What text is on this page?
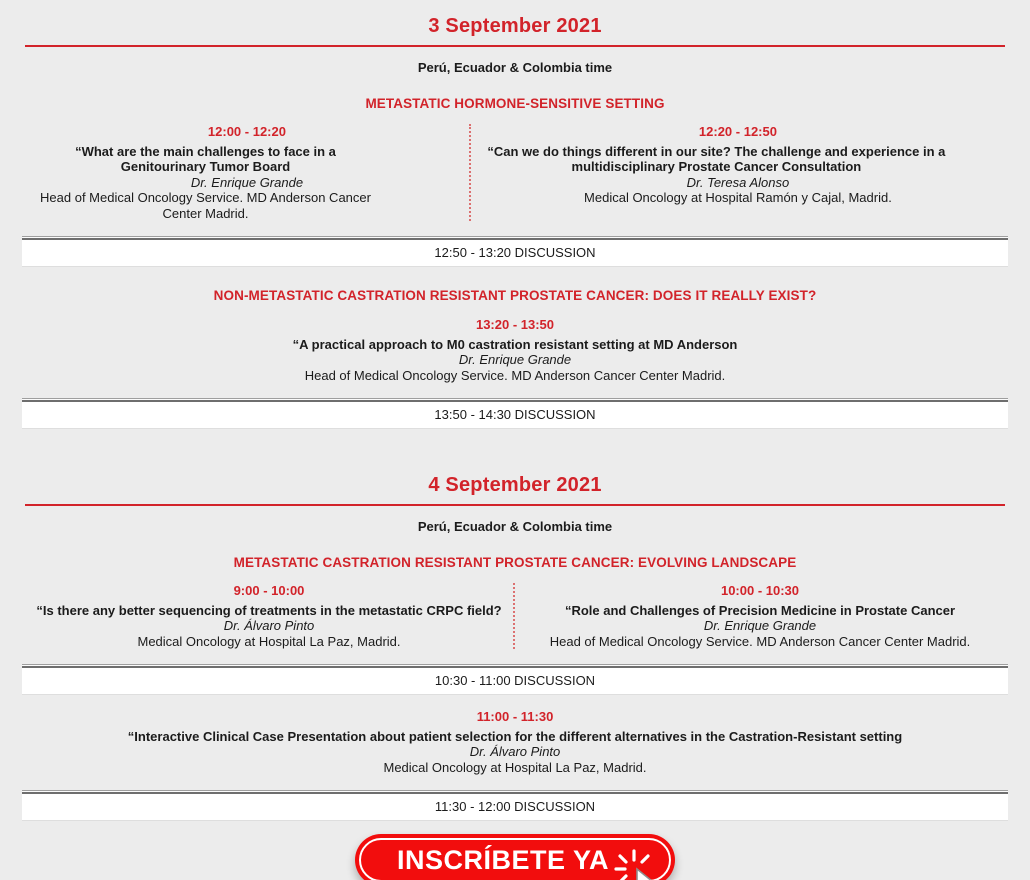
3 September 2021
Perú, Ecuador & Colombia time
METASTATIC HORMONE-SENSITIVE SETTING

12:00 - 12:20

“What are the main challenges to face in a Genitourinary Tumor Board

Dr. Enrique Grande

Head of Medical Oncology Service. MD Anderson Cancer Center Madrid.

12:20 - 12:50

“Can we do things different in our site? The challenge and experience in a multidisciplinary Prostate Cancer Consultation

Dr. Teresa Alonso

Medical Oncology at Hospital Ramón y Cajal, Madrid.

12:50 - 13:20 DISCUSSION
NON-METASTATIC CASTRATION RESISTANT PROSTATE CANCER: DOES IT REALLY EXIST?

13:20 - 13:50

“A practical approach to M0 castration resistant setting at MD Anderson

Dr. Enrique Grande

Head of Medical Oncology Service. MD Anderson Cancer Center Madrid.

13:50 - 14:30 DISCUSSION
4 September 2021
Perú, Ecuador & Colombia time
METASTATIC CASTRATION RESISTANT PROSTATE CANCER: EVOLVING LANDSCAPE

9:00 - 10:00

“Is there any better sequencing of treatments in the metastatic CRPC field?

Dr. Álvaro Pinto

Medical Oncology at Hospital La Paz, Madrid.

10:00 - 10:30

“Role and Challenges of Precision Medicine in Prostate Cancer

Dr. Enrique Grande

Head of Medical Oncology Service. MD Anderson Cancer Center Madrid.

10:30 - 11:00 DISCUSSION

11:00 - 11:30

“Interactive Clinical Case Presentation about patient selection for the different alternatives in the Castration-Resistant setting

Dr. Álvaro Pinto

Medical Oncology at Hospital La Paz, Madrid.

11:30 - 12:00 DISCUSSION
INSCRÍBETE YA
